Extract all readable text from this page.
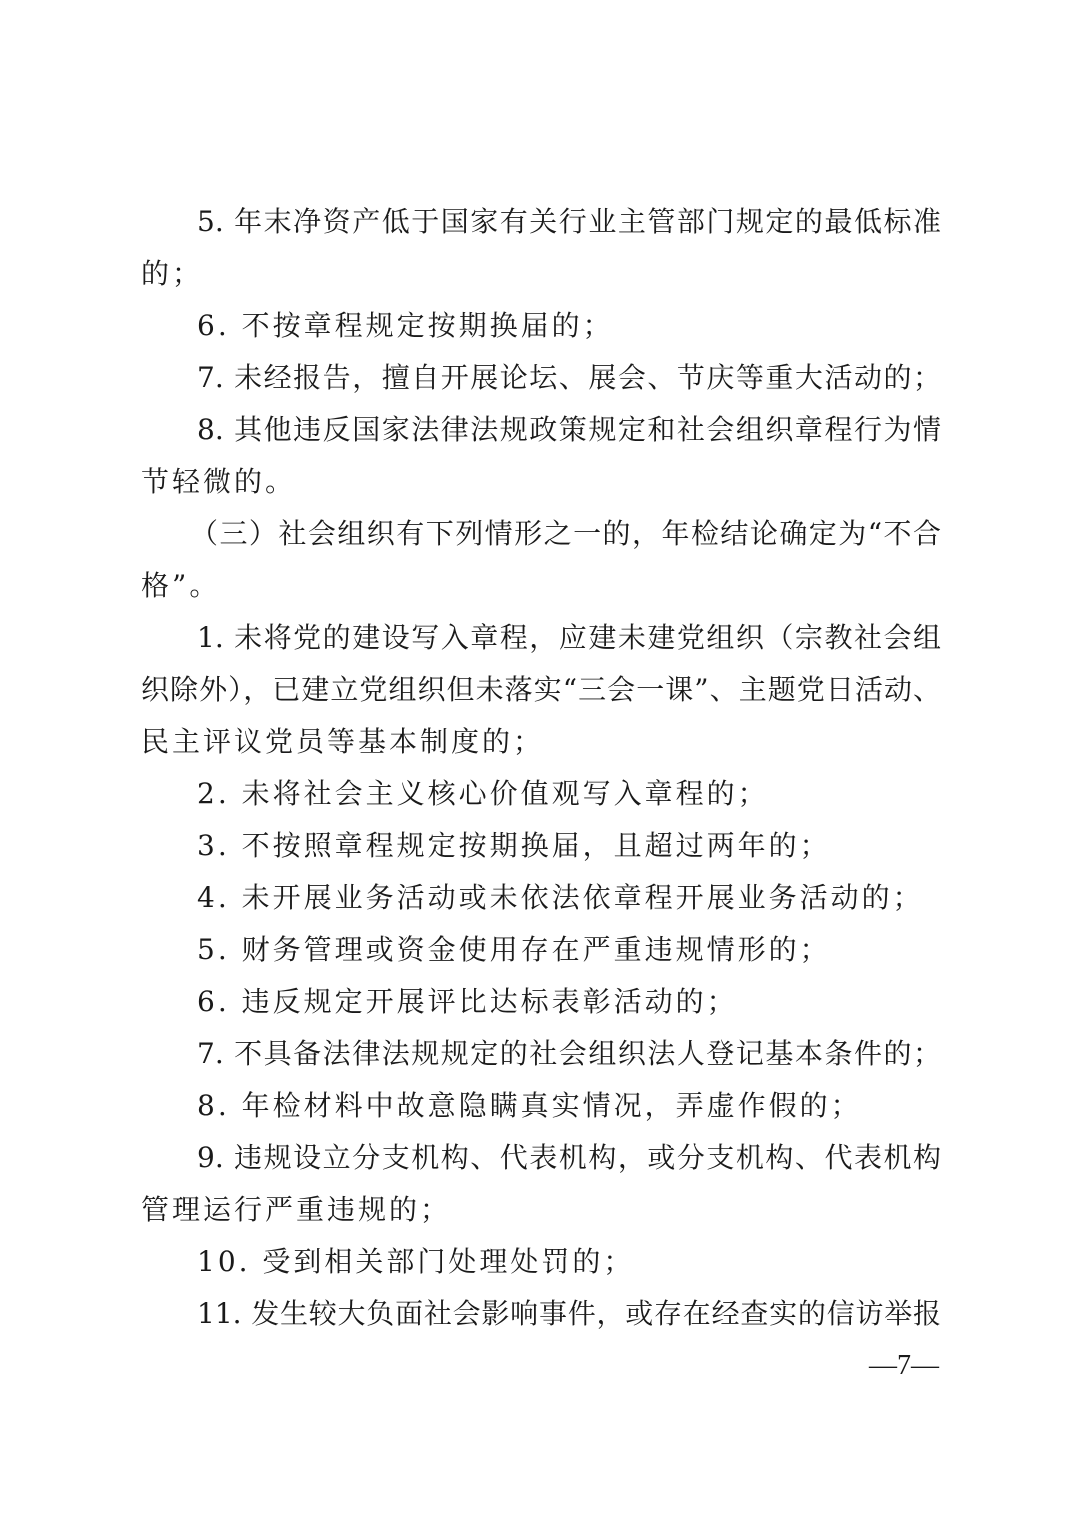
5. 年末净资产低于国家有关行业主管部门规定的最低标准
的；
6. 不按章程规定按期换届的；
7. 未经报告，擅自开展论坛、展会、节庆等重大活动的；
8. 其他违反国家法律法规政策规定和社会组织章程行为情
节轻微的。
（三）社会组织有下列情形之一的，年检结论确定为“不合
格”。
1. 未将党的建设写入章程，应建未建党组织（宗教社会组
织除外），已建立党组织但未落实“三会一课”、主题党日活动、
民主评议党员等基本制度的；
2. 未将社会主义核心价值观写入章程的；
3. 不按照章程规定按期换届，且超过两年的；
4. 未开展业务活动或未依法依章程开展业务活动的；
5. 财务管理或资金使用存在严重违规情形的；
6. 违反规定开展评比达标表彰活动的；
7. 不具备法律法规规定的社会组织法人登记基本条件的；
8. 年检材料中故意隐瞒真实情况，弄虚作假的；
9. 违规设立分支机构、代表机构，或分支机构、代表机构
管理运行严重违规的；
10. 受到相关部门处理处罚的；
11. 发生较大负面社会影响事件，或存在经查实的信访举报
—7—
